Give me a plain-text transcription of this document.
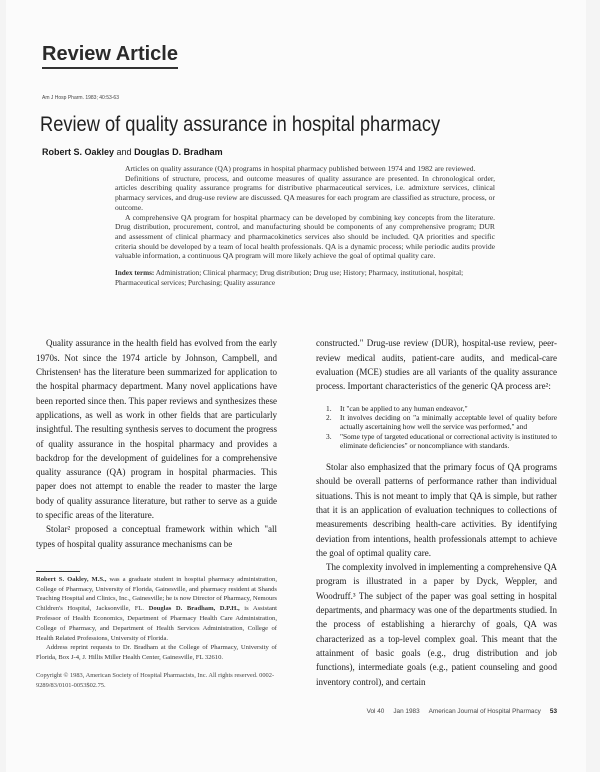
Review Article
Am J Hosp Pharm. 1983; 40:53-63
Review of quality assurance in hospital pharmacy
Robert S. Oakley and Douglas D. Bradham

Articles on quality assurance (QA) programs in hospital pharmacy published between 1974 and 1982 are reviewed.

Definitions of structure, process, and outcome measures of quality assurance are presented. In chronological order, articles describing quality assurance programs for distributive pharmaceutical services, i.e. admixture services, clinical pharmacy services, and drug-use review are discussed. QA measures for each program are classified as structure, process, or outcome.

A comprehensive QA program for hospital pharmacy can be developed by combining key concepts from the literature. Drug distribution, procurement, control, and manufacturing should be components of any comprehensive program; DUR and assessment of clinical pharmacy and pharmacokinetics services also should be included. QA priorities and specific criteria should be developed by a team of local health professionals. QA is a dynamic process; while periodic audits provide valuable information, a continuous QA program will more likely achieve the goal of optimal quality care.

Index terms: Administration; Clinical pharmacy; Drug distribution; Drug use; History; Pharmacy, institutional, hospital; Pharmaceutical services; Purchasing; Quality assurance

Quality assurance in the health field has evolved from the early 1970s. Not since the 1974 article by Johnson, Campbell, and Christensen¹ has the literature been summarized for application to the hospital pharmacy department. Many novel applications have been reported since then. This paper reviews and synthesizes these applications, as well as work in other fields that are particularly insightful. The resulting synthesis serves to document the progress of quality assurance in the hospital pharmacy and provides a backdrop for the development of guidelines for a comprehensive quality assurance (QA) program in hospital pharmacies. This paper does not attempt to enable the reader to master the large body of quality assurance literature, but rather to serve as a guide to specific areas of the literature.

Stolar² proposed a conceptual framework within which "all types of hospital quality assurance mechanisms can be

Robert S. Oakley, M.S., was a graduate student in hospital pharmacy administration, College of Pharmacy, University of Florida, Gainesville, and pharmacy resident at Shands Teaching Hospital and Clinics, Inc., Gainesville; he is now Director of Pharmacy, Nemours Children's Hospital, Jacksonville, FL. Douglas D. Bradham, D.P.H., is Assistant Professor of Health Economics, Department of Pharmacy Health Care Administration, College of Pharmacy, and Department of Health Services Administration, College of Health Related Professions, University of Florida.

Address reprint requests to Dr. Bradham at the College of Pharmacy, University of Florida, Box J-4, J. Hillis Miller Health Center, Gainesville, FL 32610.

Copyright © 1983, American Society of Hospital Pharmacists, Inc. All rights reserved. 0002-9289/83/0101-0053$02.75.

constructed." Drug-use review (DUR), hospital-use review, peer-review medical audits, patient-care audits, and medical-care evaluation (MCE) studies are all variants of the quality assurance process. Important characteristics of the generic QA process are²:

1.	It "can be applied to any human endeavor,"
2.	It involves deciding on "a minimally acceptable level of quality before actually ascertaining how well the service was performed," and
3.	"Some type of targeted educational or correctional activity is instituted to eliminate deficiencies" or noncompliance with standards.

Stolar also emphasized that the primary focus of QA programs should be overall patterns of performance rather than individual situations. This is not meant to imply that QA is simple, but rather that it is an application of evaluation techniques to collections of measurements describing health-care activities. By identifying deviation from intentions, health professionals attempt to achieve the goal of optimal quality care.

The complexity involved in implementing a comprehensive QA program is illustrated in a paper by Dyck, Weppler, and Woodruff.³ The subject of the paper was goal setting in hospital departments, and pharmacy was one of the departments studied. In the process of establishing a hierarchy of goals, QA was characterized as a top-level complex goal. This meant that the attainment of basic goals (e.g., drug distribution and job functions), intermediate goals (e.g., patient counseling and good inventory control), and certain

Vol 40 Jan 1983 American Journal of Hospital Pharmacy 53
